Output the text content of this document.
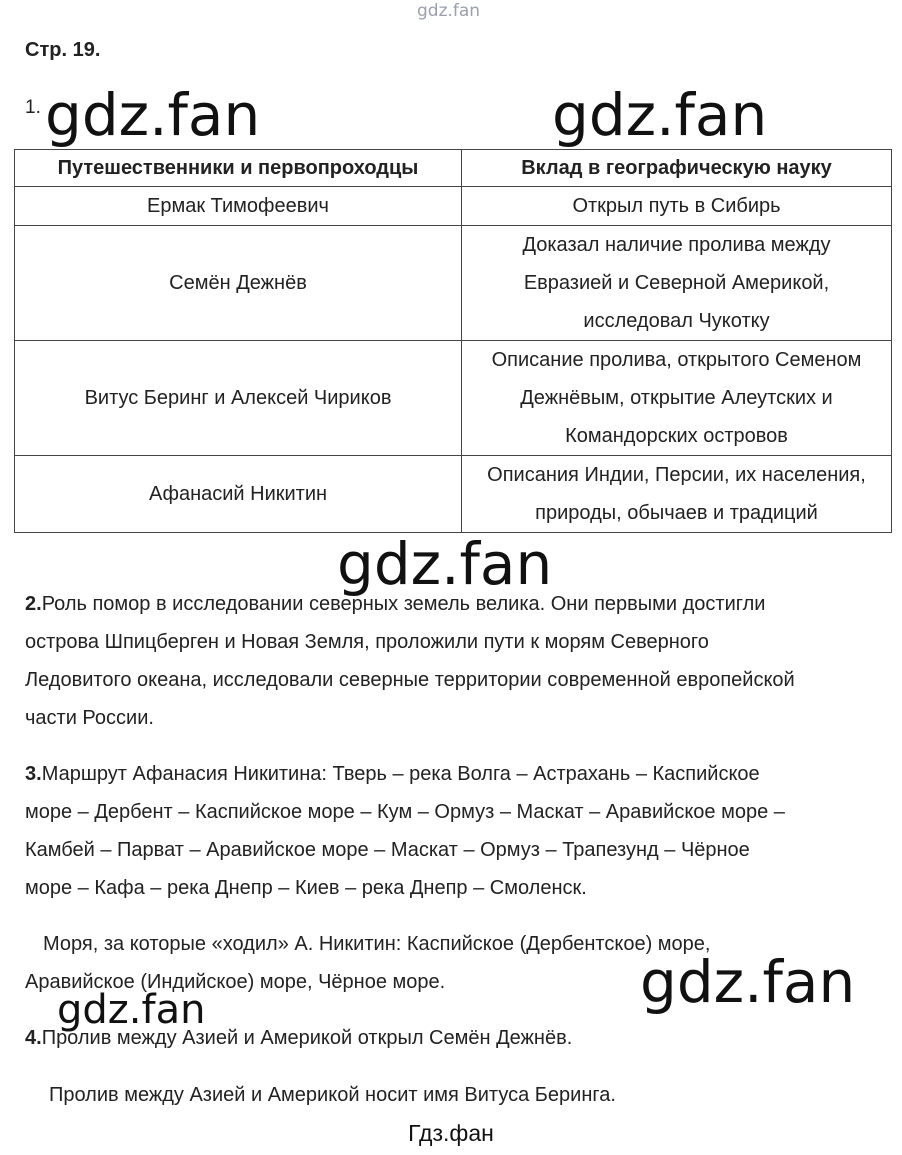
gdz.fan
gdz.fan	gdz.fan
gdz.fan
gdz.fan
gdz.fan
Стр. 19.
1.
Путешественники и первопроходцы	Вклад в географическую науку
Ермак Тимофеевич	Открыл путь в Сибирь

Семён Дежнёв	Доказал наличие пролива между
Евразией и Северной Америкой,
исследовал Чукотку

Витус Беринг и Алексей Чириков	Описание пролива, открытого Семеном
Дежнёвым, открытие Алеутских и
Командорских островов

Афанасий Никитин	Описания Индии, Персии, их населения,
природы, обычаев и традиций
2.Роль помор в исследовании северных земель велика. Они первыми достигли
острова Шпицберген и Новая Земля, проложили пути к морям Северного
Ледовитого океана, исследовали северные территории современной европейской
части России.
3.Маршрут Афанасия Никитина: Тверь – река Волга – Астрахань – Каспийское
море – Дербент – Каспийское море – Кум – Ормуз – Маскат – Аравийское море –
Камбей – Парват – Аравийское море – Маскат – Ормуз – Трапезунд – Чёрное
море – Кафа – река Днепр – Киев – река Днепр – Смоленск.
Моря, за которые «ходил» А. Никитин: Каспийское (Дербентское) море,
Аравийское (Индийское) море, Чёрное море.
4.Пролив между Азией и Америкой открыл Семён Дежнёв.
Пролив между Азией и Америкой носит имя Витуса Беринга.
Гдз.фан
